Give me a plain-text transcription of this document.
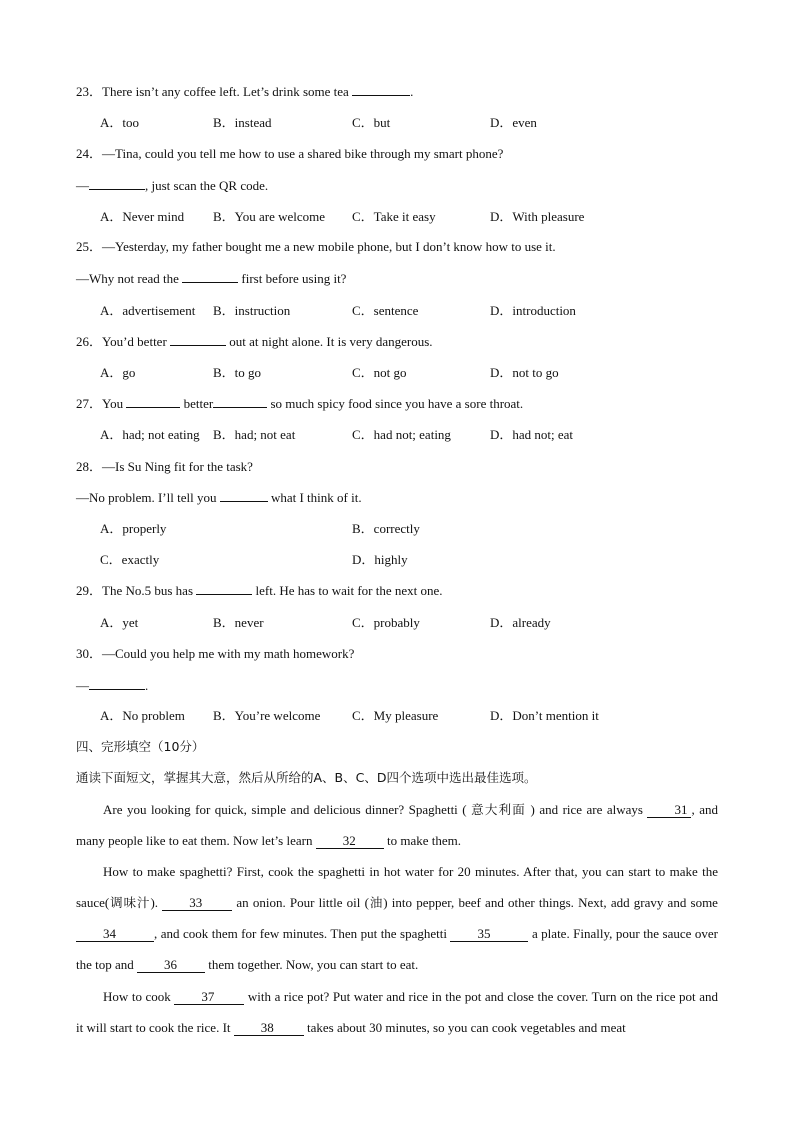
23．There isn’t any coffee left. Let’s drink some tea	.
A．too	B．instead	C．but	D．even
24．—Tina, could you tell me how to use a shared bike through my smart phone?
—	, just scan the QR code.
A．Never mind B．You are welcome C．Take it easy	D．With pleasure
25．—Yesterday, my father bought me a new mobile phone, but I don’t know how to use it.
—Why not read the	first before using it?
A．advertisement B．instruction	C．sentence	D．introduction
26．You’d better	out at night alone. It is very dangerous.
A．go	B．to go	C．not go	D．not to go
27．You	better	so much spicy food since you have a sore throat.
A．had; not eating B．had; not eat	C．had not; eating	D．had not; eat
28．—Is Su Ning fit for the task?
—No problem. I’ll tell you	what I think of it.
A．properly	B．correctly
C．exactly	D．highly
29．The No.5 bus has	left. He has to wait for the next one.
A．yet	B．never	C．probably	D．already
30．—Could you help me with my math homework?
—	.
A．No problem B．You’re welcome C．My pleasure	D．Don’t mention it
四、完形填空（10分）
通读下面短文，掌握其大意，然后从所给的A、B、C、D四个选项中选出最佳选项。
Are you looking for quick, simple and delicious dinner? Spaghetti ( 意大利面 ) and rice are always 31 , and many people like to eat them. Now let’s learn 32 to make them.
How to make spaghetti? First, cook the spaghetti in hot water for 20 minutes. After that, you can start to make the sauce(调味汁). 33 an onion. Pour little oil (油) into pepper, beef and other things. Next, add gravy and some 34	, and cook them for few minutes. Then put the spaghetti 35	a plate. Finally, pour the sauce over the top and 36 them together. Now, you can start to eat.
How to cook 37 with a rice pot? Put water and rice in the pot and close the cover. Turn on the rice pot and it will start to cook the rice. It 38 takes about 30 minutes, so you can cook vegetables and meat
